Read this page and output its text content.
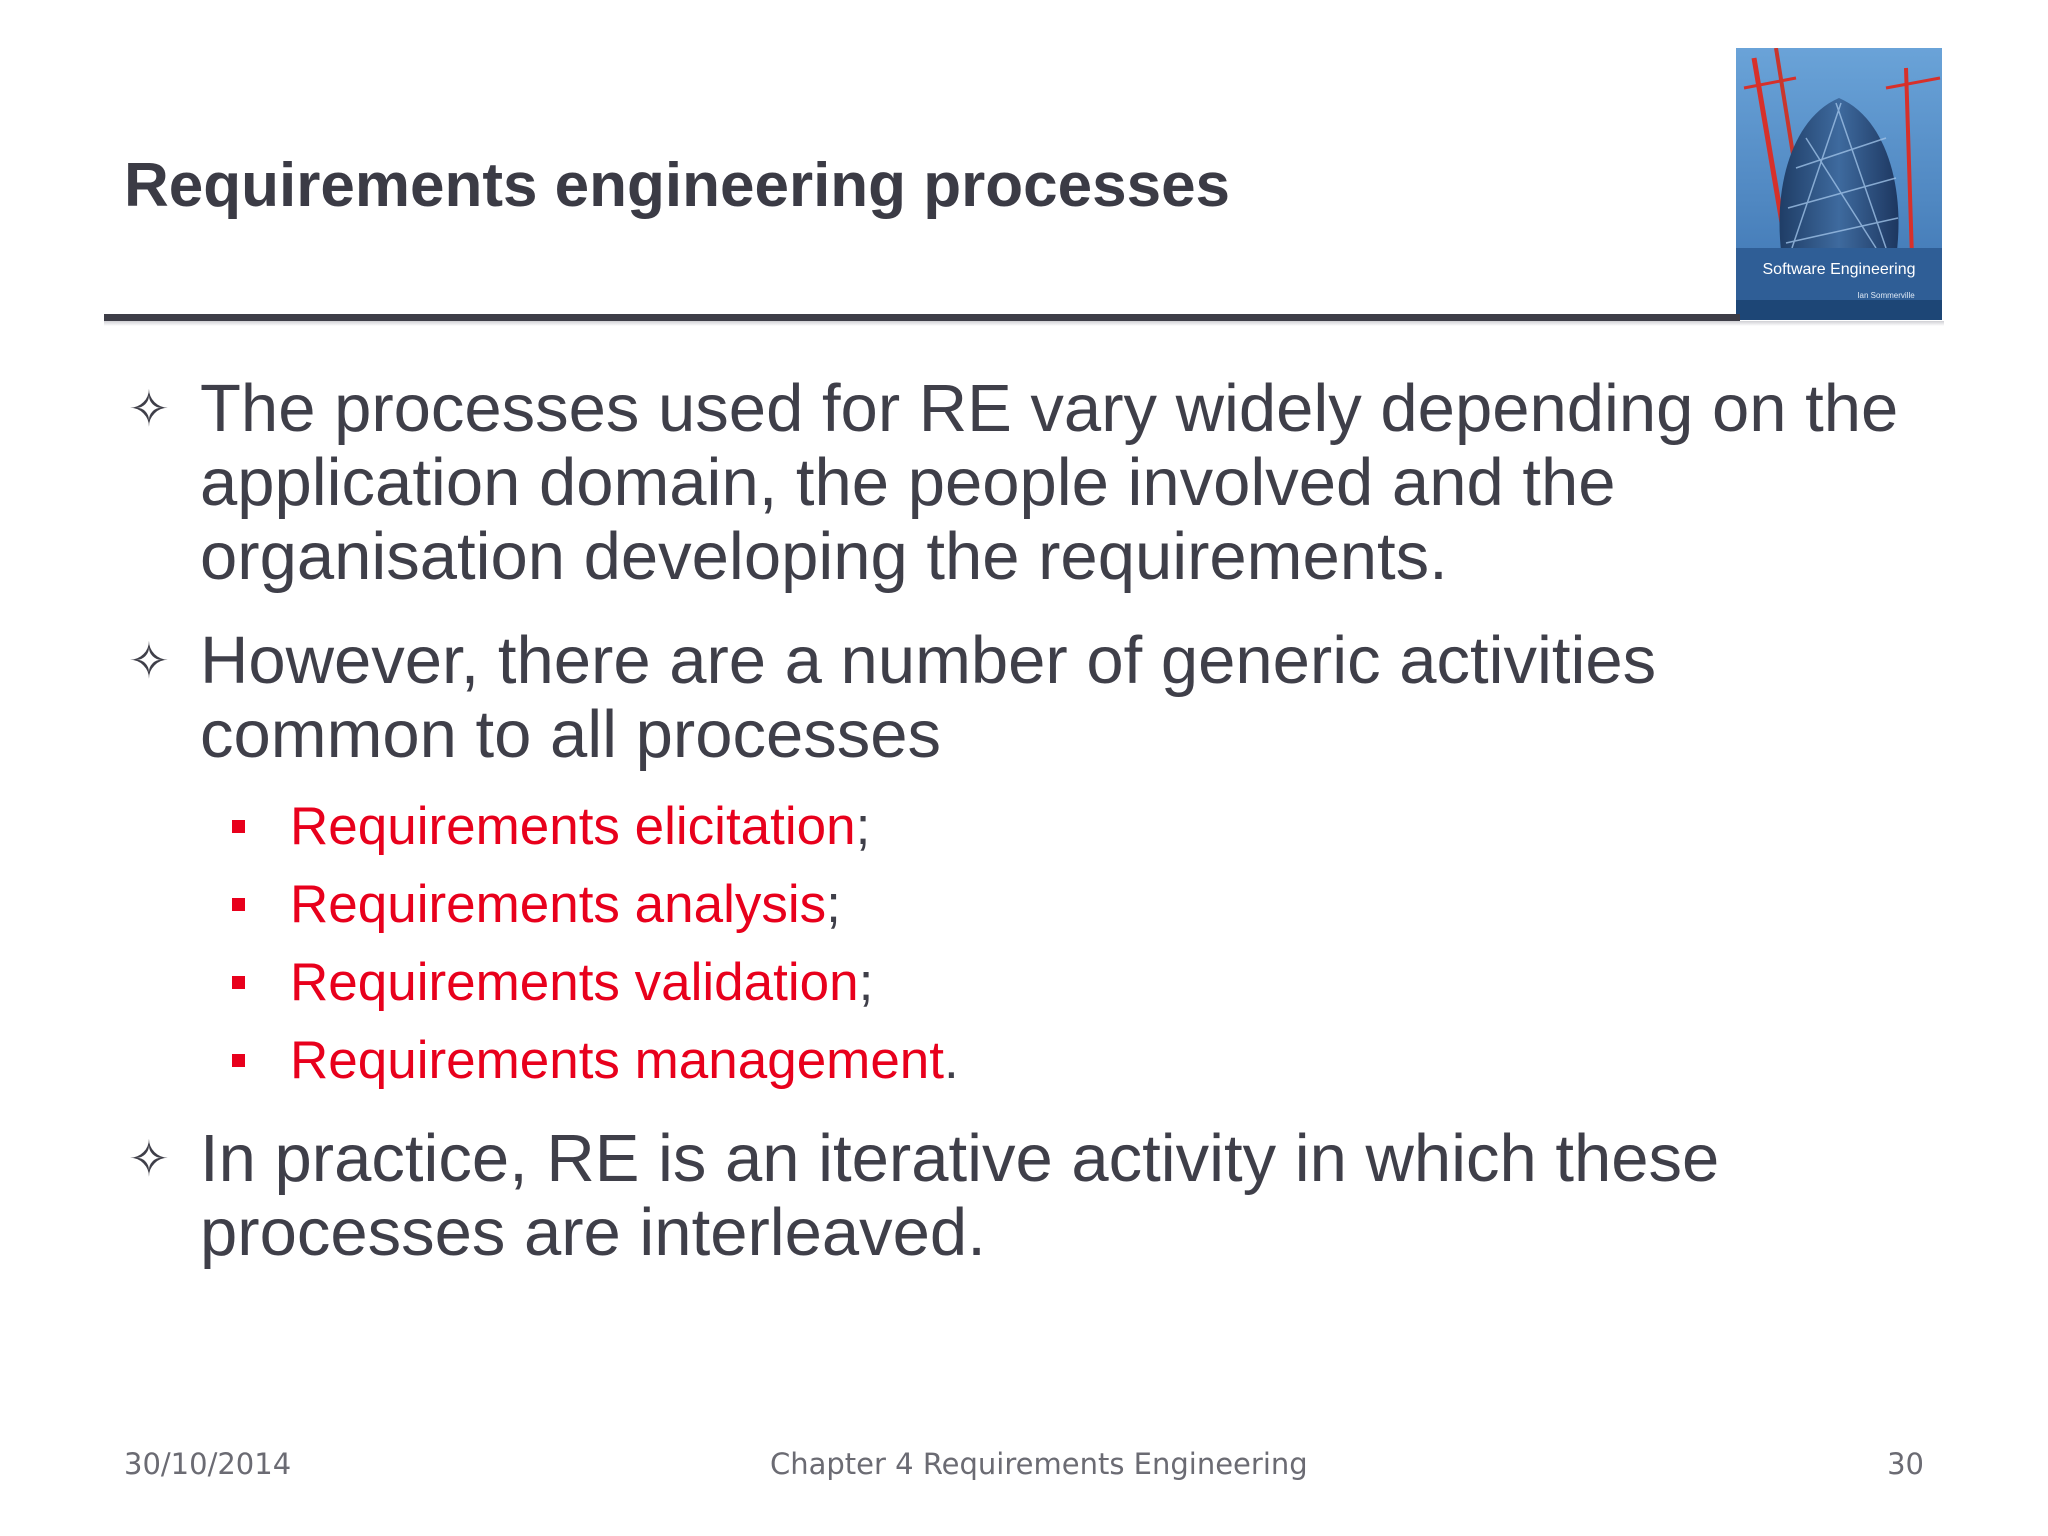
Requirements engineering processes
Software Engineering
Ian Sommerville
✧ The processes used for RE vary widely depending on the application domain, the people involved and the organisation developing the requirements.
✧ However, there are a number of generic activities common to all processes
Requirements elicitation;
Requirements analysis;
Requirements validation;
Requirements management.
✧ In practice, RE is an iterative activity in which these processes are interleaved.
30/10/2014	Chapter 4 Requirements Engineering	30
